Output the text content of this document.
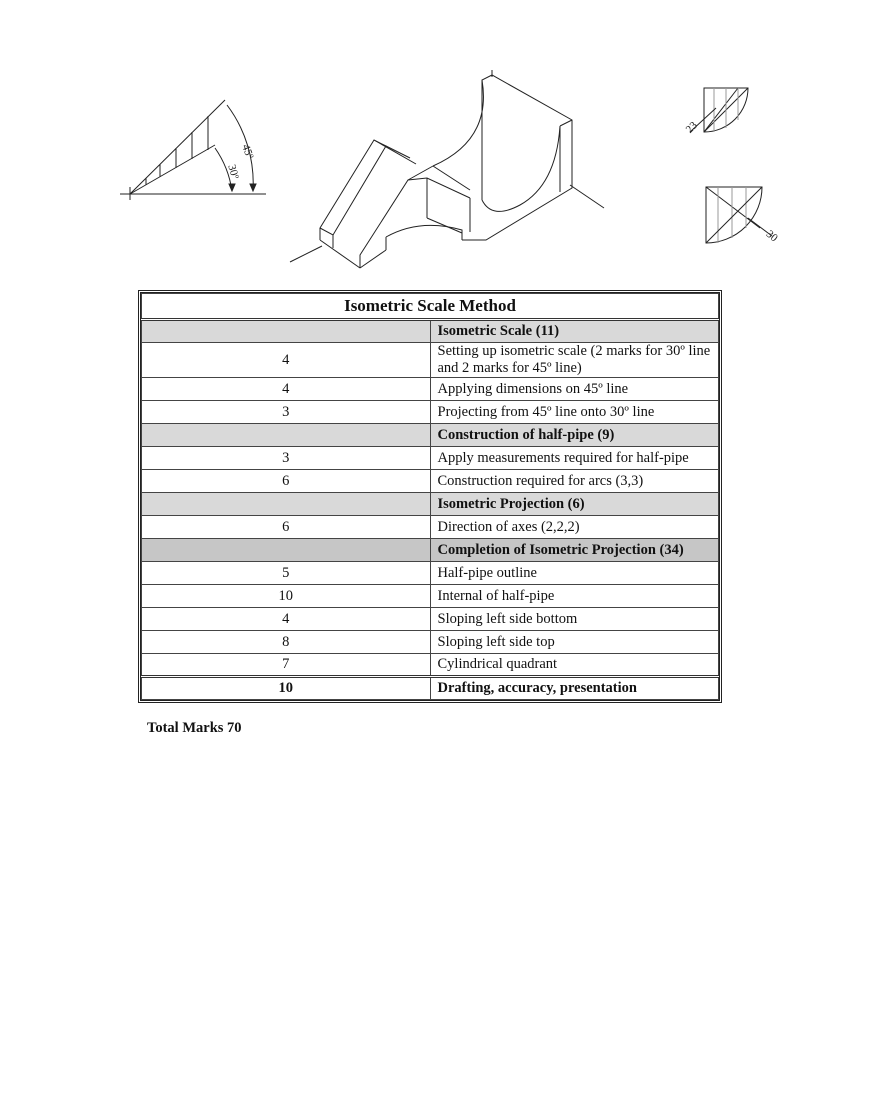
45º
30º
23
30
Isometric Scale Method	
	Isometric Scale (11)
4	Setting up isometric scale (2 marks for 30º line and 2 marks for 45º line)
4	Applying dimensions on 45º line
3	Projecting from 45º line onto 30º line
	Construction of half-pipe (9)
3	Apply measurements required for half-pipe
6	Construction required for arcs (3,3)
	Isometric Projection (6)
6	Direction of axes (2,2,2)
	Completion of Isometric Projection (34)
5	Half-pipe outline
10	Internal of half-pipe
4	Sloping left side bottom
8	Sloping left side top
7	Cylindrical quadrant
10	Drafting, accuracy, presentation
Total Marks 70
